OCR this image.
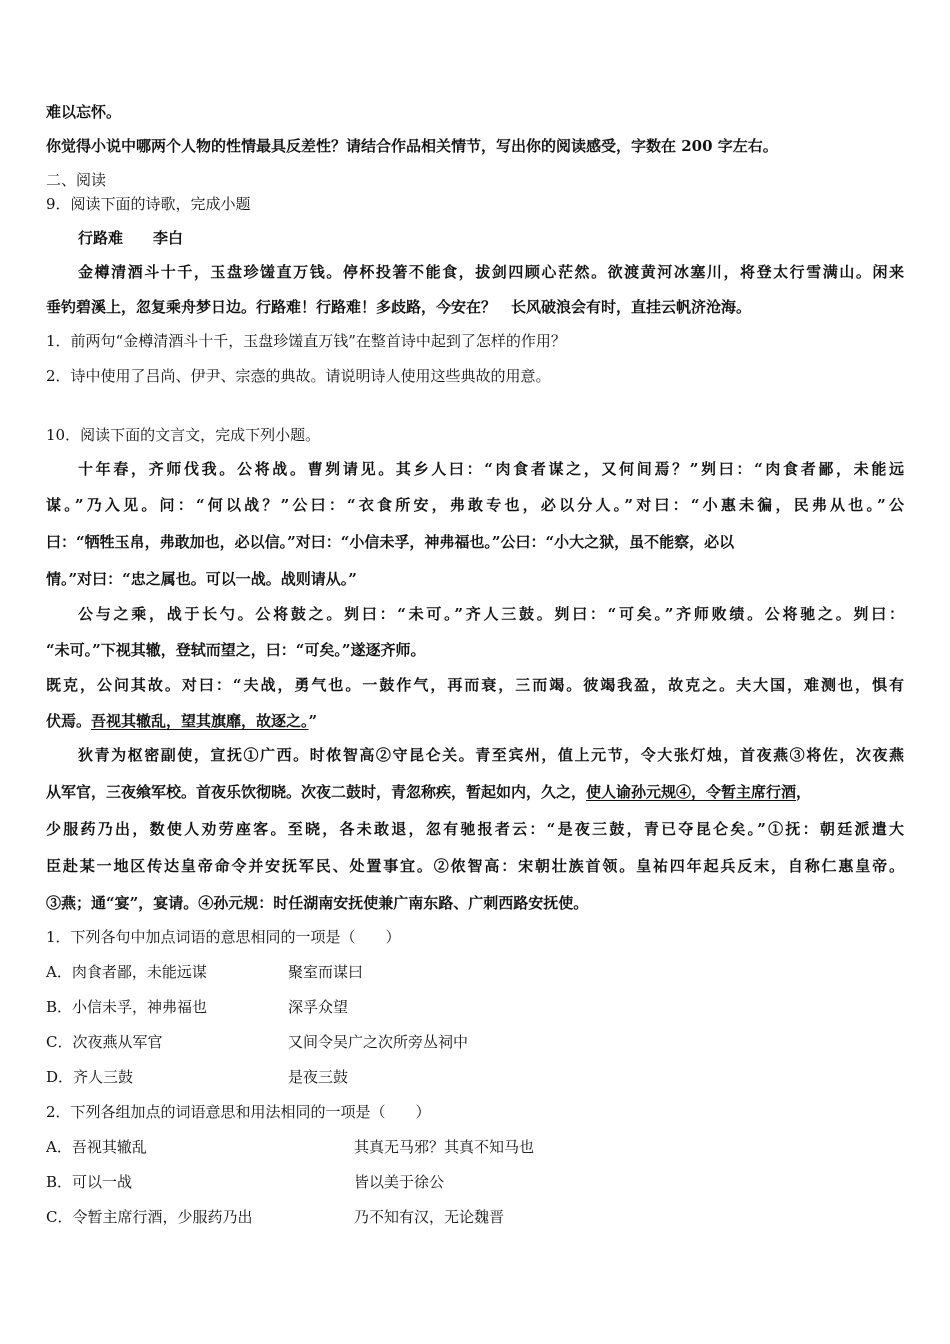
难以忘怀。
你觉得小说中哪两个人物的性情最具反差性？请结合作品相关情节，写出你的阅读感受，字数在 200 字左右。
二、阅读
9．阅读下面的诗歌，完成小题
行路难　　李白
金樽清酒斗十千，玉盘珍馐直万钱。停杯投箸不能食，拔剑四顾心茫然。欲渡黄河冰塞川，将登太行雪满山。闲来
垂钓碧溪上，忽复乘舟梦日边。行路难！行路难！多歧路，今安在？　长风破浪会有时，直挂云帆济沧海。
1．前两句“金樽清酒斗十千，玉盘珍馐直万钱”在整首诗中起到了怎样的作用？
2．诗中使用了吕尚、伊尹、宗悫的典故。请说明诗人使用这些典故的用意。
10．阅读下面的文言文，完成下列小题。
十年春，齐师伐我。公将战。曹刿请见。其乡人曰：“肉食者谋之，又何间焉？”刿曰：“肉食者鄙，未能远
谋。”乃入见。问：“何以战？”公曰：“衣食所安，弗敢专也，必以分人。”对曰：“小惠未徧，民弗从也。”公
曰：“牺牲玉帛，弗敢加也，必以信。”对曰：“小信未孚，神弗福也。”公曰：“小大之狱，虽不能察，必以
情。”对曰：“忠之属也。可以一战。战则请从。”
公与之乘，战于长勺。公将鼓之。刿曰：“未可。”齐人三鼓。刿曰：“可矣。”齐师败绩。公将驰之。刿曰：
“未可。”下视其辙，登轼而望之，曰：“可矣。”遂逐齐师。
既克，公问其故。对曰：“夫战，勇气也。一鼓作气，再而衰，三而竭。彼竭我盈，故克之。夫大国，难测也，惧有
伏焉。吾视其辙乱，望其旗靡，故逐之。”
狄青为枢密副使，宣抚①广西。时侬智高②守昆仑关。青至宾州，值上元节，令大张灯烛，首夜燕③将佐，次夜燕
从军官，三夜飨军校。首夜乐饮彻晓。次夜二鼓时，青忽称疾，暂起如内，久之，使人谕孙元规④，令暂主席行酒，
少服药乃出，数使人劝劳座客。至晓，各未敢退，忽有驰报者云：“是夜三鼓，青已夺昆仑矣。”①抚：朝廷派遣大
臣赴某一地区传达皇帝命令并安抚军民、处置事宜。②侬智高：宋朝壮族首领。皇祐四年起兵反末，自称仁惠皇帝。
③燕；通“宴”，宴请。④孙元规：时任湖南安抚使兼广南东路、广刺西路安抚使。
1．下列各句中加点词语的意思相同的一项是（　　）
A．肉食者鄙，未能远谋	聚室而谋曰
B．小信未孚，神弗福也	深孚众望
C．次夜燕从军官	又间令吴广之次所旁丛祠中
D．齐人三鼓	是夜三鼓
2．下列各组加点的词语意思和用法相同的一项是（　　）
A．吾视其辙乱	其真无马邪？其真不知马也
B．可以一战	皆以美于徐公
C．令暂主席行酒，少服药乃出	乃不知有汉，无论魏晋
